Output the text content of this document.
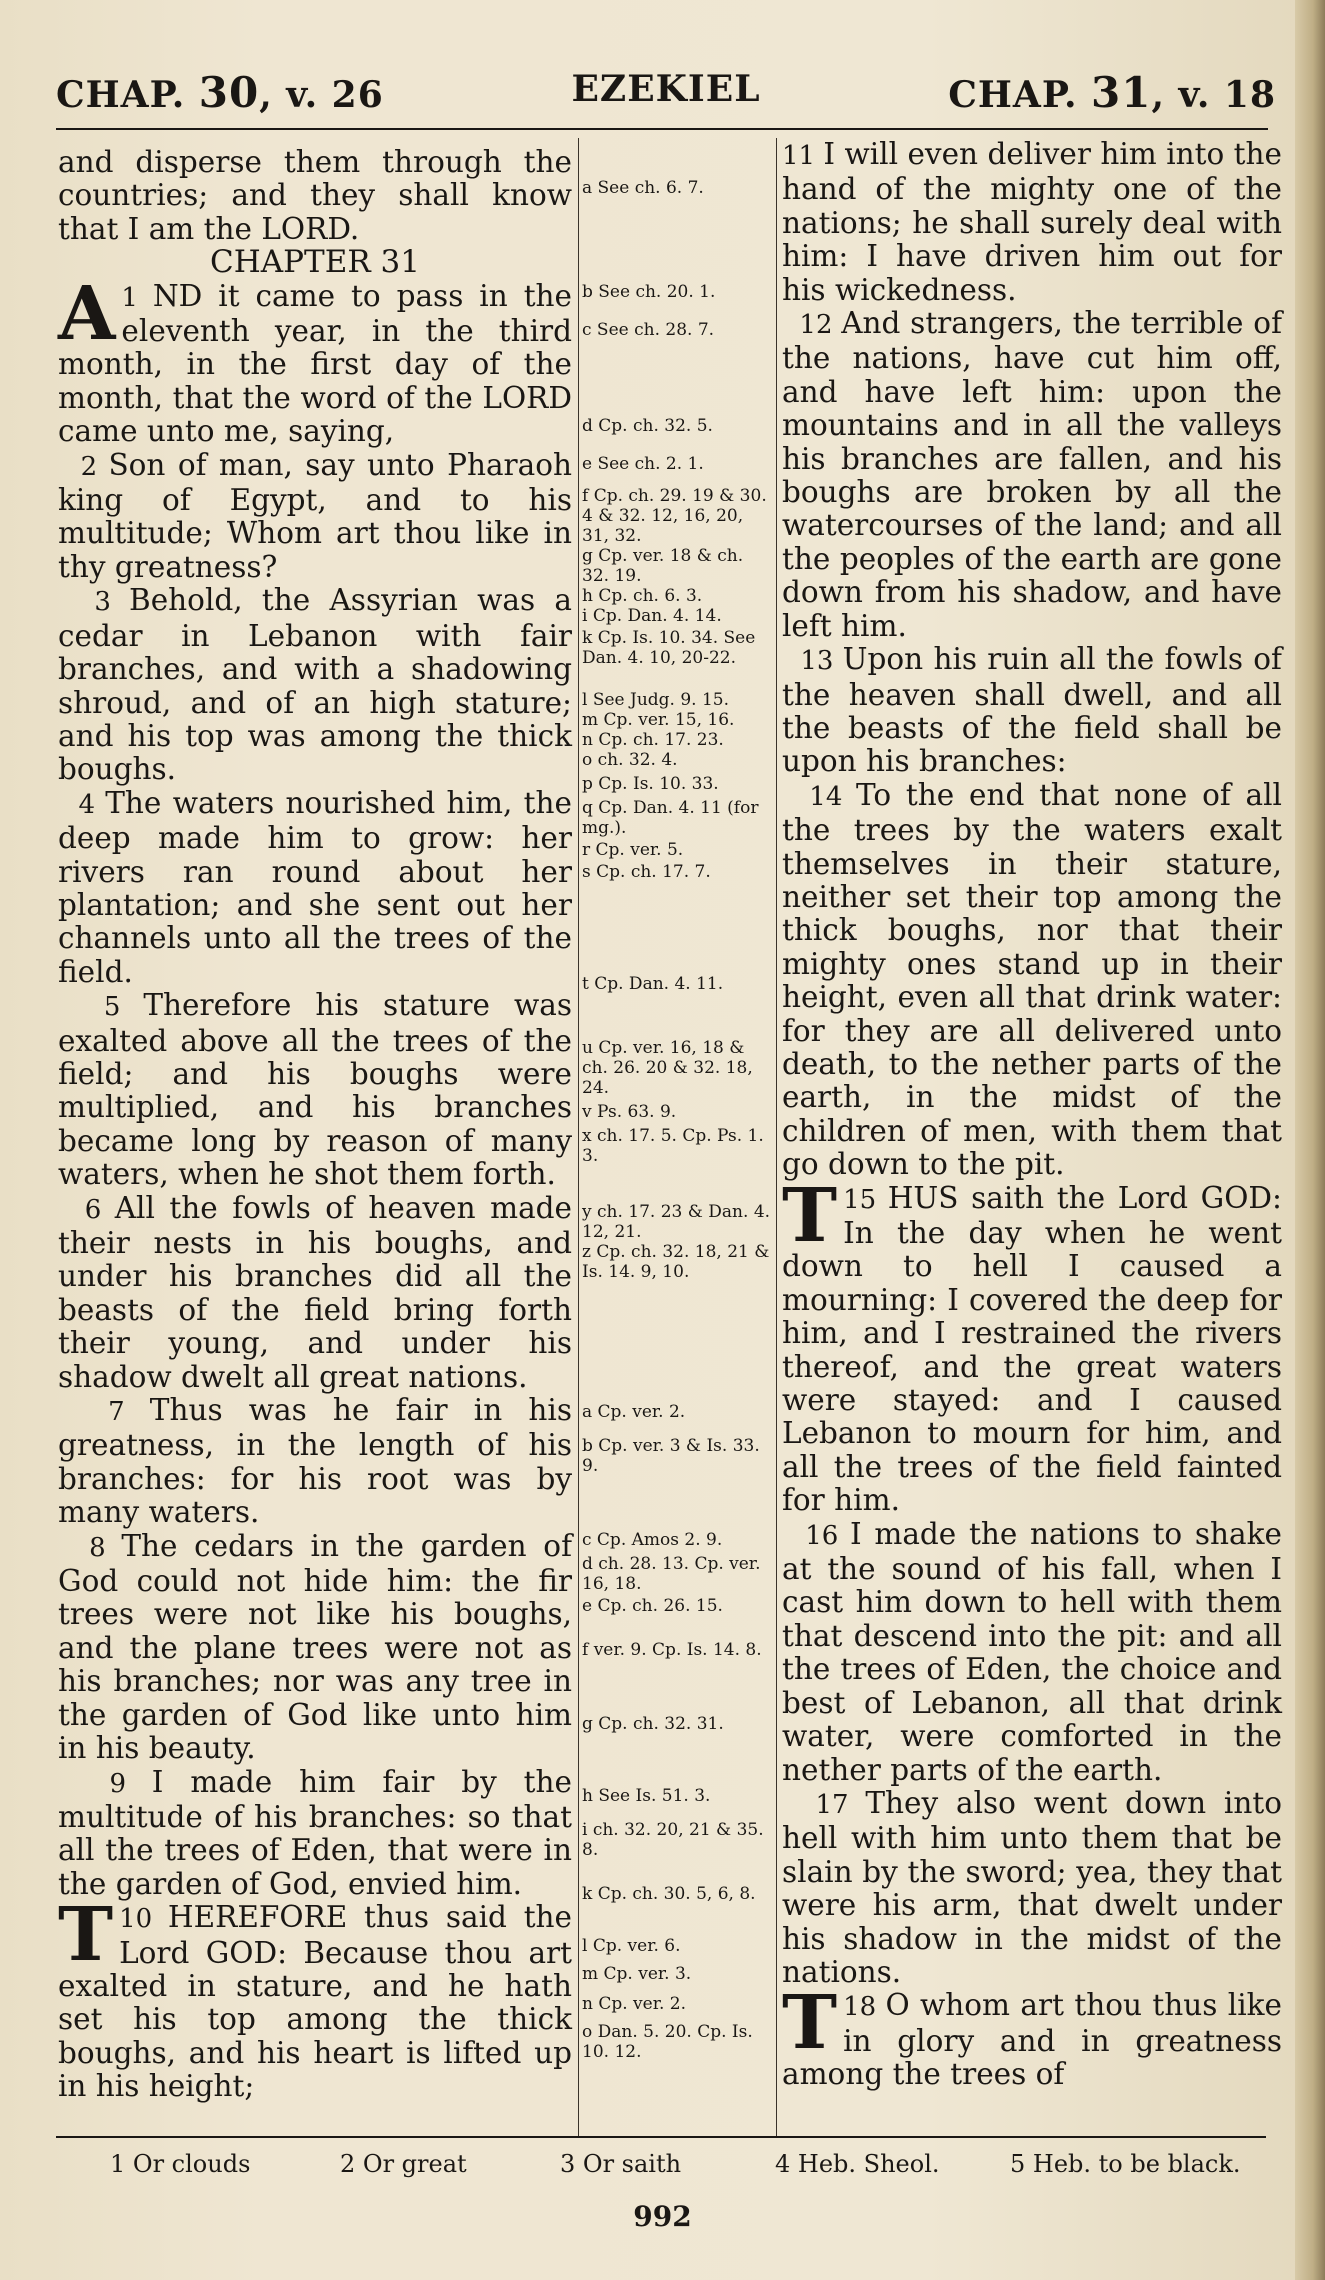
CHAP. 30, v. 26	EZEKIEL	CHAP. 31, v. 18

and disperse them through the countries; and they shall know that I am the LORD.

CHAPTER 31

1
A ND it came to pass in the eleventh year, in the third month, in the first day of the month, that the word of the LORD came unto me, saying,

2 Son of man, say unto Pharaoh king of Egypt, and to his multitude; Whom art thou like in thy greatness?

3 Behold, the Assyrian was a cedar in Lebanon with fair branches, and with a shadowing shroud, and of an high stature; and his top was among the thick boughs.

4 The waters nourished him, the deep made him to grow: her rivers ran round about her plantation; and she sent out her channels unto all the trees of the field.

5 Therefore his stature was exalted above all the trees of the field; and his boughs were multiplied, and his branches became long by reason of many waters, when he shot them forth.

6 All the fowls of heaven made their nests in his boughs, and under his branches did all the beasts of the field bring forth their young, and under his shadow dwelt all great nations.

7 Thus was he fair in his greatness, in the length of his branches: for his root was by many waters.

8 The cedars in the garden of God could not hide him: the fir trees were not like his boughs, and the plane trees were not as his branches; nor was any tree in the garden of God like unto him in his beauty.

9 I made him fair by the multitude of his branches: so that all the trees of Eden, that were in the garden of God, envied him.

10
T HEREFORE thus said the Lord GOD: Because thou art exalted in stature, and he hath set his top among the thick boughs, and his heart is lifted up in his height;

a See ch. 6. 7.
b See ch. 20. 1.
c See ch. 28. 7.
d Cp. ch. 32. 5.
e See ch. 2. 1.
f Cp. ch. 29. 19 & 30. 4 & 32. 12, 16, 20, 31, 32.
g Cp. ver. 18 & ch. 32. 19.
h Cp. ch. 6. 3.
i Cp. Dan. 4. 14.
k Cp. Is. 10. 34. See Dan. 4. 10, 20-22.
l See Judg. 9. 15.
m Cp. ver. 15, 16.
n Cp. ch. 17. 23.
o ch. 32. 4.
p Cp. Is. 10. 33.
q Cp. Dan. 4. 11 (for mg.).
r Cp. ver. 5.
s Cp. ch. 17. 7.
t Cp. Dan. 4. 11.
u Cp. ver. 16, 18 & ch. 26. 20 & 32. 18, 24.
v Ps. 63. 9.
x ch. 17. 5. Cp. Ps. 1. 3.
y ch. 17. 23 & Dan. 4. 12, 21.
z Cp. ch. 32. 18, 21 & Is. 14. 9, 10.
a Cp. ver. 2.
b Cp. ver. 3 & Is. 33. 9.
c Cp. Amos 2. 9.
d ch. 28. 13. Cp. ver. 16, 18.
e Cp. ch. 26. 15.
f ver. 9. Cp. Is. 14. 8.
g Cp. ch. 32. 31.
h See Is. 51. 3.
i ch. 32. 20, 21 & 35. 8.
k Cp. ch. 30. 5, 6, 8.
l Cp. ver. 6.
m Cp. ver. 3.
n Cp. ver. 2.
o Dan. 5. 20. Cp. Is. 10. 12.

11 I will even deliver him into the hand of the mighty one of the nations; he shall surely deal with him: I have driven him out for his wickedness.

12 And strangers, the terrible of the nations, have cut him off, and have left him: upon the mountains and in all the valleys his branches are fallen, and his boughs are broken by all the watercourses of the land; and all the peoples of the earth are gone down from his shadow, and have left him.

13 Upon his ruin all the fowls of the heaven shall dwell, and all the beasts of the field shall be upon his branches:

14 To the end that none of all the trees by the waters exalt themselves in their stature, neither set their top among the thick boughs, nor that their mighty ones stand up in their height, even all that drink water: for they are all delivered unto death, to the nether parts of the earth, in the midst of the children of men, with them that go down to the pit.

15
T HUS saith the Lord GOD: In the day when he went down to hell I caused a mourning: I covered the deep for him, and I restrained the rivers thereof, and the great waters were stayed: and I caused Lebanon to mourn for him, and all the trees of the field fainted for him.

16 I made the nations to shake at the sound of his fall, when I cast him down to hell with them that descend into the pit: and all the trees of Eden, the choice and best of Lebanon, all that drink water, were comforted in the nether parts of the earth.

17 They also went down into hell with him unto them that be slain by the sword; yea, they that were his arm, that dwelt under his shadow in the midst of the nations.

18
T O whom art thou thus like in glory and in greatness among the trees of

1 Or clouds	2 Or great	3 Or saith	4 Heb. Sheol.	5 Heb. to be black.
992
